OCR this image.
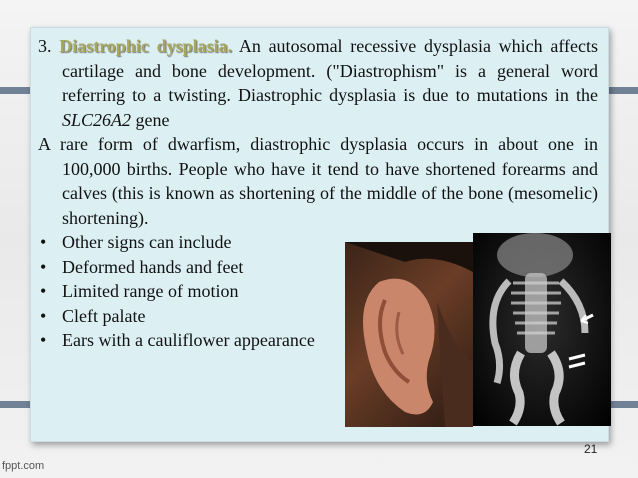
3. Diastrophic dysplasia. An autosomal recessive dysplasia which affects cartilage and bone development. ("Diastrophism" is a general word referring to a twisting. Diastrophic dysplasia is due to mutations in the SLC26A2 gene
A rare form of dwarfism, diastrophic dysplasia occurs in about one in 100,000 births. People who have it tend to have shortened forearms and calves (this is known as shortening of the middle of the bone (mesomelic) shortening).
• Other signs can include
• Deformed hands and feet
• Limited range of motion
• Cleft palate
• Ears with a cauliflower appearance
21
fppt.com
